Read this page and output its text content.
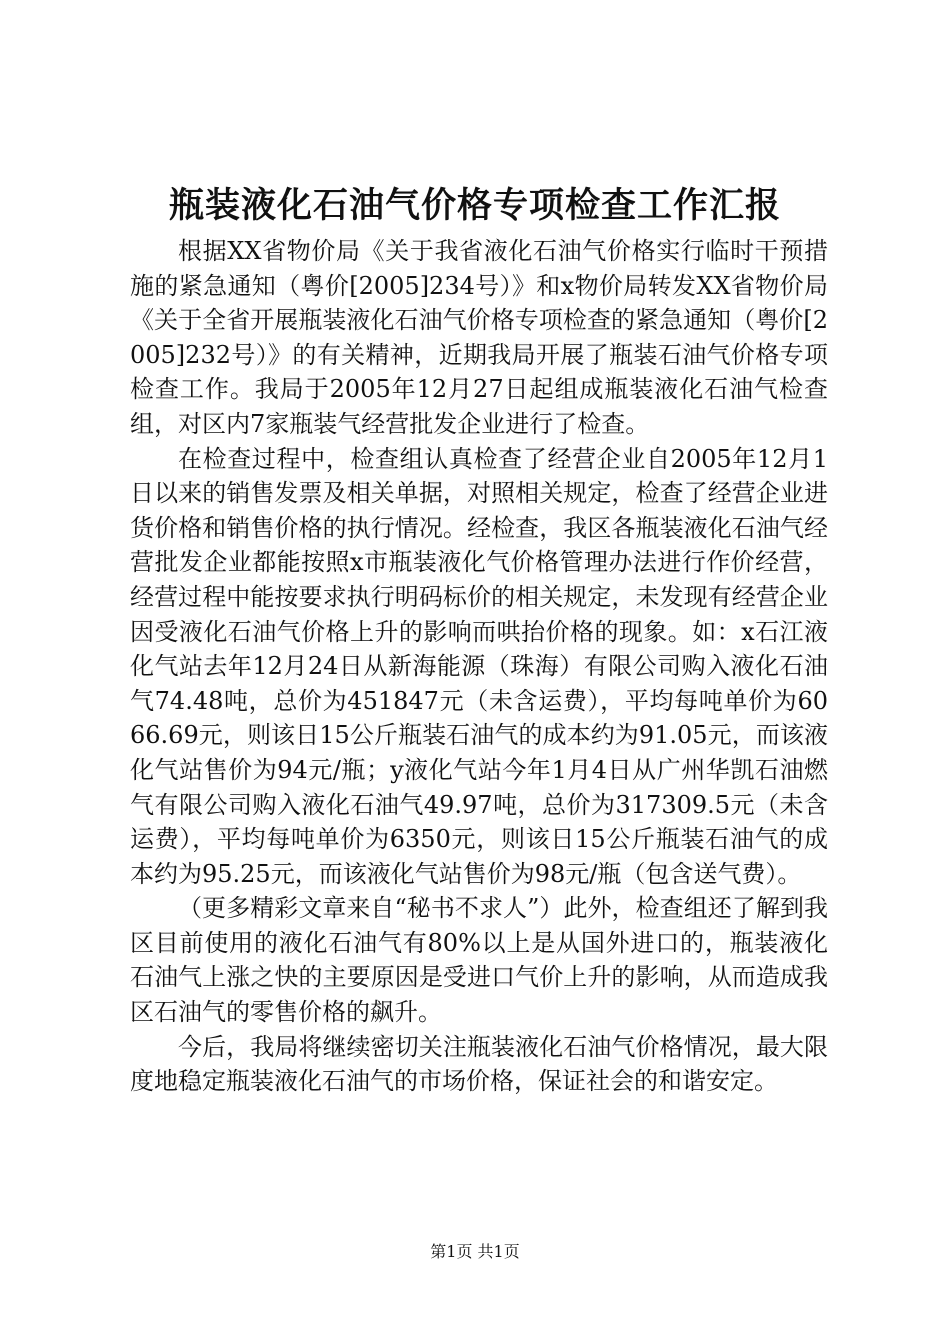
瓶装液化石油气价格专项检查工作汇报

根据XX省物价局《关于我省液化石油气价格实行临时干预措施的紧急通知（粤价[2005]234号）》和x物价局转发XX省物价局《关于全省开展瓶装液化石油气价格专项检查的紧急通知（粤价[2005]232号）》的有关精神，近期我局开展了瓶装石油气价格专项检查工作。我局于2005年12月27日起组成瓶装液化石油气检查组，对区内7家瓶装气经营批发企业进行了检查。

在检查过程中，检查组认真检查了经营企业自2005年12月1日以来的销售发票及相关单据，对照相关规定，检查了经营企业进货价格和销售价格的执行情况。经检查，我区各瓶装液化石油气经营批发企业都能按照x市瓶装液化气价格管理办法进行作价经营，经营过程中能按要求执行明码标价的相关规定，未发现有经营企业因受液化石油气价格上升的影响而哄抬价格的现象。如：x石江液化气站去年12月24日从新海能源（珠海）有限公司购入液化石油气74.48吨，总价为451847元（未含运费），平均每吨单价为6066.69元，则该日15公斤瓶装石油气的成本约为91.05元，而该液化气站售价为94元/瓶；y液化气站今年1月4日从广州华凯石油燃气有限公司购入液化石油气49.97吨，总价为317309.5元（未含运费），平均每吨单价为6350元，则该日15公斤瓶装石油气的成本约为95.25元，而该液化气站售价为98元/瓶（包含送气费）。

（更多精彩文章来自“秘书不求人”）此外，检查组还了解到我区目前使用的液化石油气有80%以上是从国外进口的，瓶装液化石油气上涨之快的主要原因是受进口气价上升的影响，从而造成我区石油气的零售价格的飙升。

今后，我局将继续密切关注瓶装液化石油气价格情况，最大限度地稳定瓶装液化石油气的市场价格，保证社会的和谐安定。

第1页 共1页
